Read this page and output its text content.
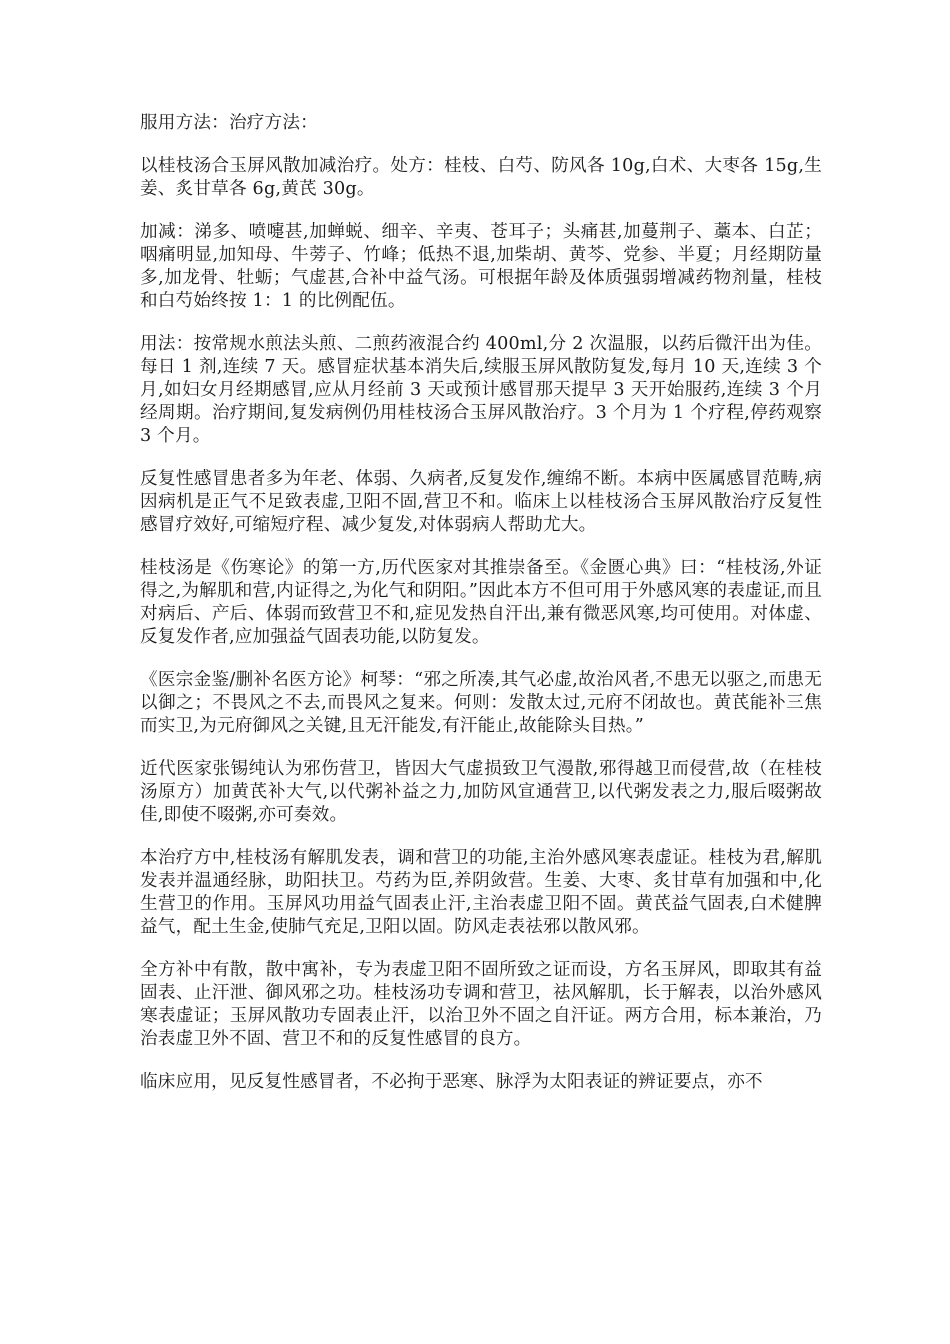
服用方法：治疗方法：

以桂枝汤合玉屏风散加减治疗。处方：桂枝、白芍、防风各 10g,白术、大枣各 15g,生姜、炙甘草各 6g,黄芪 30g。

加减：涕多、喷嚏甚,加蝉蜕、细辛、辛夷、苍耳子；头痛甚,加蔓荆子、藁本、白芷；咽痛明显,加知母、牛蒡子、竹峰；低热不退,加柴胡、黄芩、党参、半夏；月经期防量多,加龙骨、牡蛎；气虚甚,合补中益气汤。可根据年龄及体质强弱增减药物剂量，桂枝和白芍始终按 1：1 的比例配伍。

用法：按常规水煎法头煎、二煎药液混合约 400ml,分 2 次温服，以药后微汗出为佳。每日 1 剂,连续 7 天。感冒症状基本消失后,续服玉屏风散防复发,每月 10 天,连续 3 个月,如妇女月经期感冒,应从月经前 3 天或预计感冒那天提早 3 天开始服药,连续 3 个月经周期。治疗期间,复发病例仍用桂枝汤合玉屏风散治疗。3 个月为 1 个疗程,停药观察 3 个月。

反复性感冒患者多为年老、体弱、久病者,反复发作,缠绵不断。本病中医属感冒范畴,病因病机是正气不足致表虚,卫阳不固,营卫不和。临床上以桂枝汤合玉屏风散治疗反复性感冒疗效好,可缩短疗程、减少复发,对体弱病人帮助尤大。

桂枝汤是《伤寒论》的第一方,历代医家对其推崇备至。《金匮心典》曰：“桂枝汤,外证得之,为解肌和营,内证得之,为化气和阴阳。”因此本方不但可用于外感风寒的表虚证,而且对病后、产后、体弱而致营卫不和,症见发热自汗出,兼有微恶风寒,均可使用。对体虚、反复发作者,应加强益气固表功能,以防复发。

《医宗金鉴/删补名医方论》柯琴：“邪之所凑,其气必虚,故治风者,不患无以驱之,而患无以御之；不畏风之不去,而畏风之复来。何则：发散太过,元府不闭故也。黄芪能补三焦而实卫,为元府御风之关键,且无汗能发,有汗能止,故能除头目热。”

近代医家张锡纯认为邪伤营卫，皆因大气虚损致卫气漫散,邪得越卫而侵营,故（在桂枝汤原方）加黄芪补大气,以代粥补益之力,加防风宣通营卫,以代粥发表之力,服后啜粥故佳,即使不啜粥,亦可奏效。

本治疗方中,桂枝汤有解肌发表，调和营卫的功能,主治外感风寒表虚证。桂枝为君,解肌发表并温通经脉，助阳扶卫。芍药为臣,养阴敛营。生姜、大枣、炙甘草有加强和中,化生营卫的作用。玉屏风功用益气固表止汗,主治表虚卫阳不固。黄芪益气固表,白术健脾益气，配土生金,使肺气充足,卫阳以固。防风走表祛邪以散风邪。

全方补中有散，散中寓补，专为表虚卫阳不固所致之证而设，方名玉屏风，即取其有益固表、止汗泄、御风邪之功。桂枝汤功专调和营卫，祛风解肌，长于解表，以治外感风寒表虚证；玉屏风散功专固表止汗，以治卫外不固之自汗证。两方合用，标本兼治，乃治表虚卫外不固、营卫不和的反复性感冒的良方。

临床应用，见反复性感冒者，不必拘于恶寒、脉浮为太阳表证的辨证要点，亦不
